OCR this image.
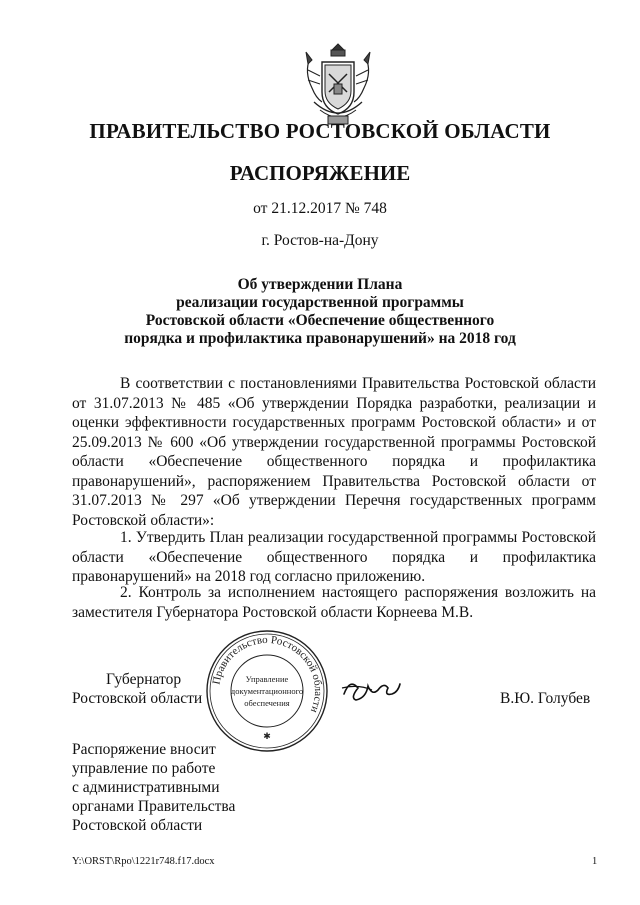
ПРАВИТЕЛЬСТВО РОСТОВСКОЙ ОБЛАСТИ
РАСПОРЯЖЕНИЕ
от 21.12.2017 № 748
г. Ростов-на-Дону
Об утверждении Плана
реализации государственной программы
Ростовской области «Обеспечение общественного
порядка и профилактика правонарушений» на 2018 год
В соответствии с постановлениями Правительства Ростовской области от 31.07.2013 № 485 «Об утверждении Порядка разработки, реализации и оценки эффективности государственных программ Ростовской области» и от 25.09.2013 № 600 «Об утверждении государственной программы Ростовской области «Обеспечение общественного порядка и профилактика правонарушений», распоряжением Правительства Ростовской области от 31.07.2013 № 297 «Об утверждении Перечня государственных программ Ростовской области»:
1. Утвердить План реализации государственной программы Ростовской области «Обеспечение общественного порядка и профилактика правонарушений» на 2018 год согласно приложению.
2. Контроль за исполнением настоящего распоряжения возложить на заместителя Губернатора Ростовской области Корнеева М.В.
Губернатор
Ростовской области
Правительство Ростовской области
Управление
документационного
обеспечения
✱
В.Ю. Голубев
Распоряжение вносит
управление по работе
с административными
органами Правительства
Ростовской области
Y:\ORST\Rpo\1221r748.f17.docx	1
